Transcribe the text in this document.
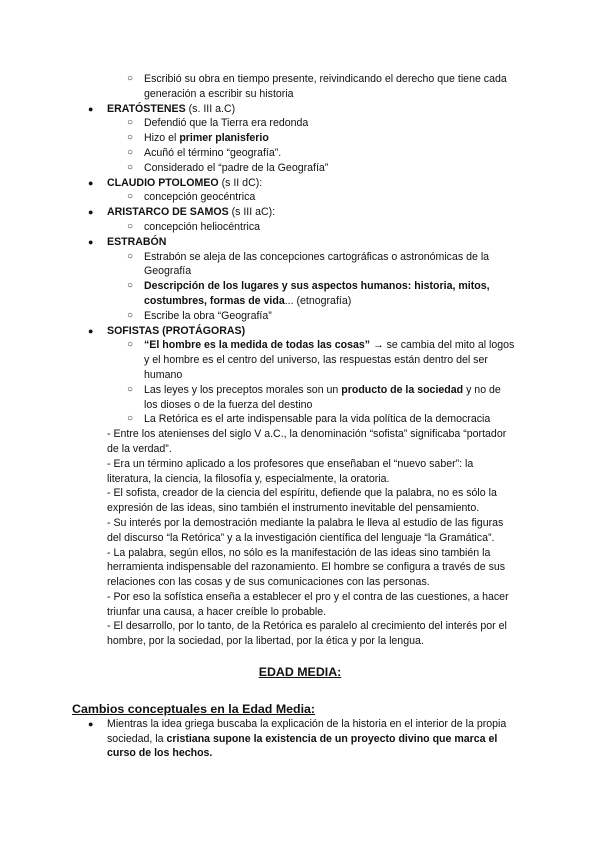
○ Escribió su obra en tiempo presente, reivindicando el derecho que tiene cada generación a escribir su historia
● ERATÓSTENES (s. III a.C)
○ Defendió que la Tierra era redonda
○ Hizo el primer planisferio
○ Acuñó el término “geografía”.
○ Considerado el “padre de la Geografía”
● CLAUDIO PTOLOMEO (s II dC):
○ concepción geocéntrica
● ARISTARCO DE SAMOS (s III aC):
○ concepción heliocéntrica
● ESTRABÓN
○ Estrabón se aleja de las concepciones cartográficas o astronómicas de la Geografía
○ Descripción de los lugares y sus aspectos humanos: historia, mitos, costumbres, formas de vida... (etnografía)
○ Escribe la obra “Geografía”
● SOFISTAS (PROTÁGORAS)
○ “El hombre es la medida de todas las cosas” → se cambia del mito al logos y el hombre es el centro del universo, las respuestas están dentro del ser humano
○ Las leyes y los preceptos morales son un producto de la sociedad y no de los dioses o de la fuerza del destino
○ La Retórica es el arte indispensable para la vida política de la democracia
- Entre los atenienses del siglo V a.C., la denominación “sofista” significaba “portador de la verdad”.
- Era un término aplicado a los profesores que enseñaban el “nuevo saber”: la literatura, la ciencia, la filosofía y, especialmente, la oratoria.
- El sofista, creador de la ciencia del espíritu, defiende que la palabra, no es sólo la expresión de las ideas, sino también el instrumento inevitable del pensamiento.
- Su interés por la demostración mediante la palabra le lleva al estudio de las figuras del discurso “la Retórica” y a la investigación científica del lenguaje “la Gramática”.
- La palabra, según ellos, no sólo es la manifestación de las ideas sino también la herramienta indispensable del razonamiento. El hombre se configura a través de sus relaciones con las cosas y de sus comunicaciones con las personas.
- Por eso la sofística enseña a establecer el pro y el contra de las cuestiones, a hacer triunfar una causa, a hacer creíble lo probable.
- El desarrollo, por lo tanto, de la Retórica es paralelo al crecimiento del interés por el hombre, por la sociedad, por la libertad, por la ética y por la lengua.
EDAD MEDIA:
Cambios conceptuales en la Edad Media:
● Mientras la idea griega buscaba la explicación de la historia en el interior de la propia sociedad, la cristiana supone la existencia de un proyecto divino que marca el curso de los hechos.
